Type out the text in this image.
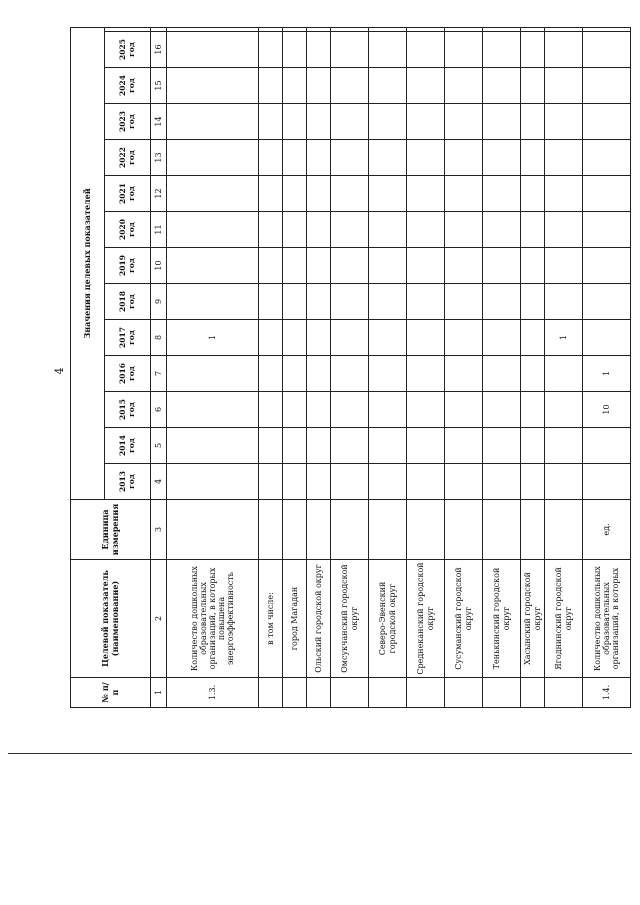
4
№ п/п	Целевой показатель (наименование)	Единица измерения	Значения целевых показателей													
			2013 год	2014 год	2015 год	2016 год	2017 год	2018 год	2019 год	2020 год	2021 год	2022 год	2023 год	2024 год	2025 год	
1	2	3	4	5	6	7	8	9	10	11	12	13	14	15	16	
1.3.	Количество дошкольных образовательных организаций, в которых повышена энергоэффективность						1									
	в том числе:															
	город Магадан															
	Ольский городской округ															
	Омсукчанский городской округ															
	Северо-Эвенский городской округ															
	Среднеканский городской округ															
	Сусуманский городской округ															
	Тенькинский городской округ															
	Хасынский городской округ															
	Ягоднинский городской округ						1									
1.4.	Количество дошкольных образовательных организаций, в которых	ед.			10	1										
